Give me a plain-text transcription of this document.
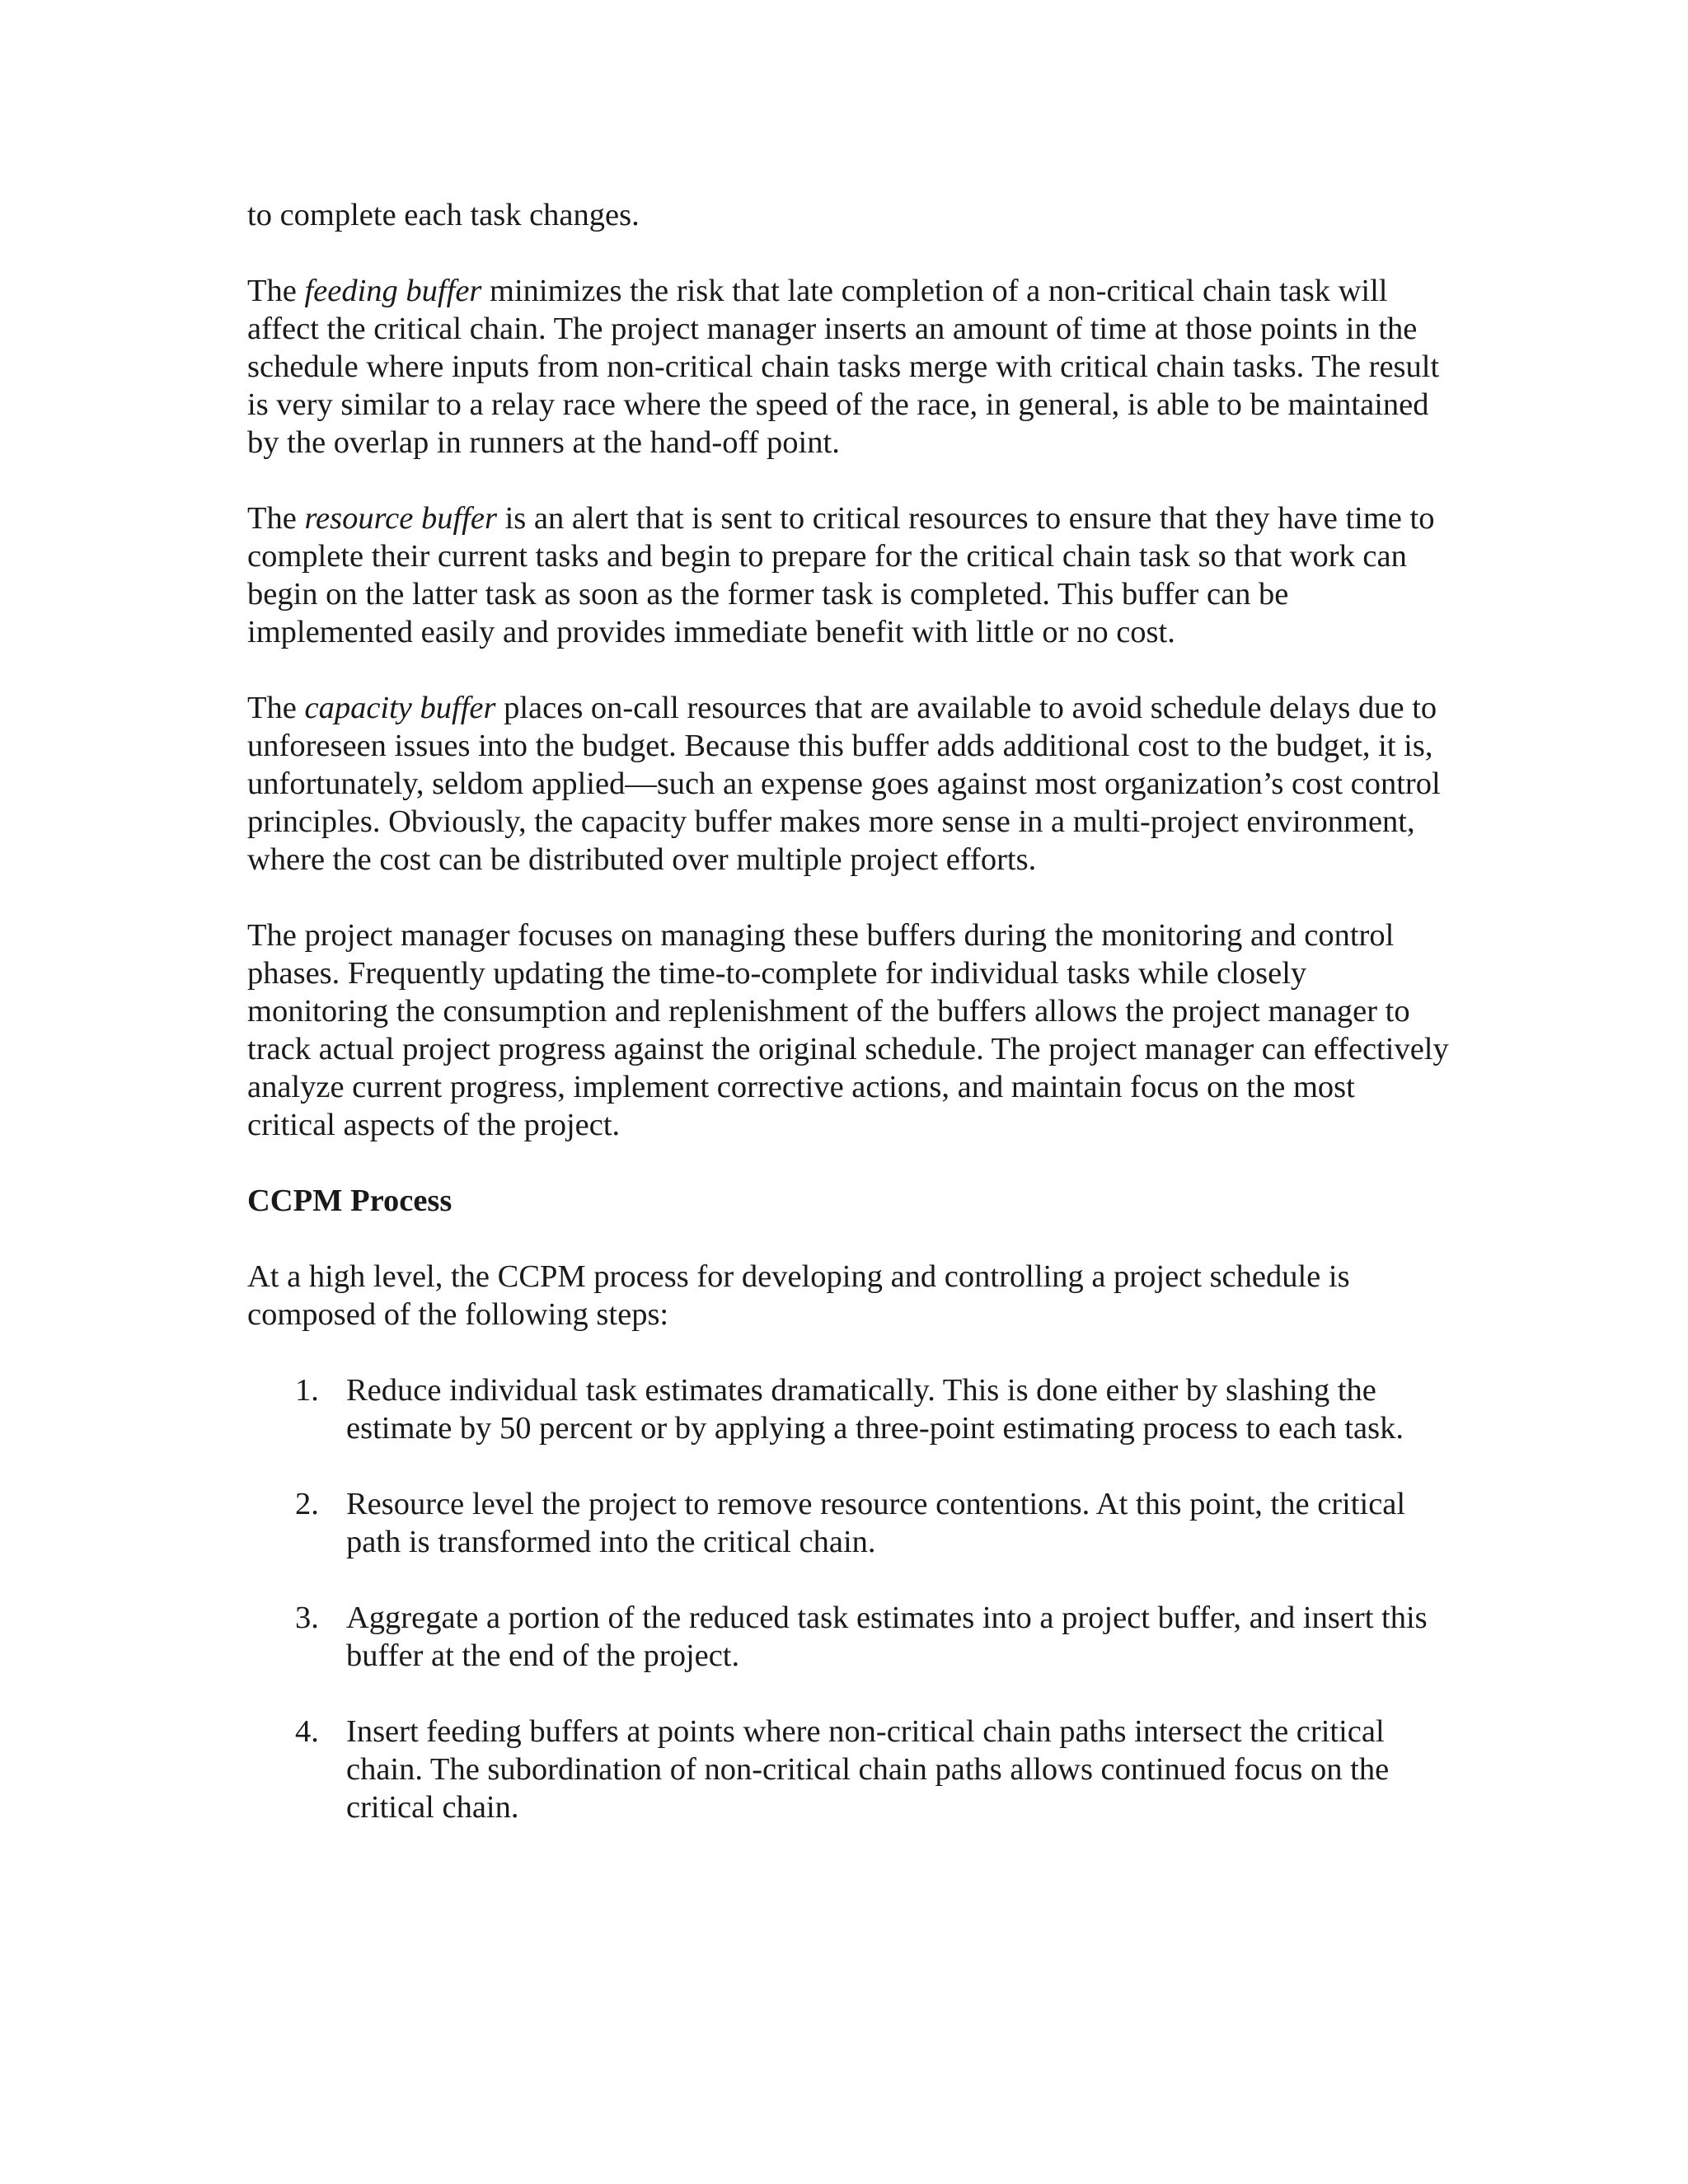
to complete each task changes.

The feeding buffer minimizes the risk that late completion of a non-critical chain task will affect the critical chain. The project manager inserts an amount of time at those points in the schedule where inputs from non-critical chain tasks merge with critical chain tasks. The result is very similar to a relay race where the speed of the race, in general, is able to be maintained by the overlap in runners at the hand-off point.

The resource buffer is an alert that is sent to critical resources to ensure that they have time to complete their current tasks and begin to prepare for the critical chain task so that work can begin on the latter task as soon as the former task is completed. This buffer can be implemented easily and provides immediate benefit with little or no cost.

The capacity buffer places on-call resources that are available to avoid schedule delays due to unforeseen issues into the budget. Because this buffer adds additional cost to the budget, it is, unfortunately, seldom applied—such an expense goes against most organization’s cost control principles. Obviously, the capacity buffer makes more sense in a multi-project environment, where the cost can be distributed over multiple project efforts.

The project manager focuses on managing these buffers during the monitoring and control phases. Frequently updating the time-to-complete for individual tasks while closely monitoring the consumption and replenishment of the buffers allows the project manager to track actual project progress against the original schedule. The project manager can effectively analyze current progress, implement corrective actions, and maintain focus on the most critical aspects of the project.

CCPM Process

At a high level, the CCPM process for developing and controlling a project schedule is composed of the following steps:

1. Reduce individual task estimates dramatically. This is done either by slashing the estimate by 50 percent or by applying a three-point estimating process to each task.
2. Resource level the project to remove resource contentions. At this point, the critical path is transformed into the critical chain.
3. Aggregate a portion of the reduced task estimates into a project buffer, and insert this buffer at the end of the project.
4. Insert feeding buffers at points where non-critical chain paths intersect the critical chain. The subordination of non-critical chain paths allows continued focus on the critical chain.
